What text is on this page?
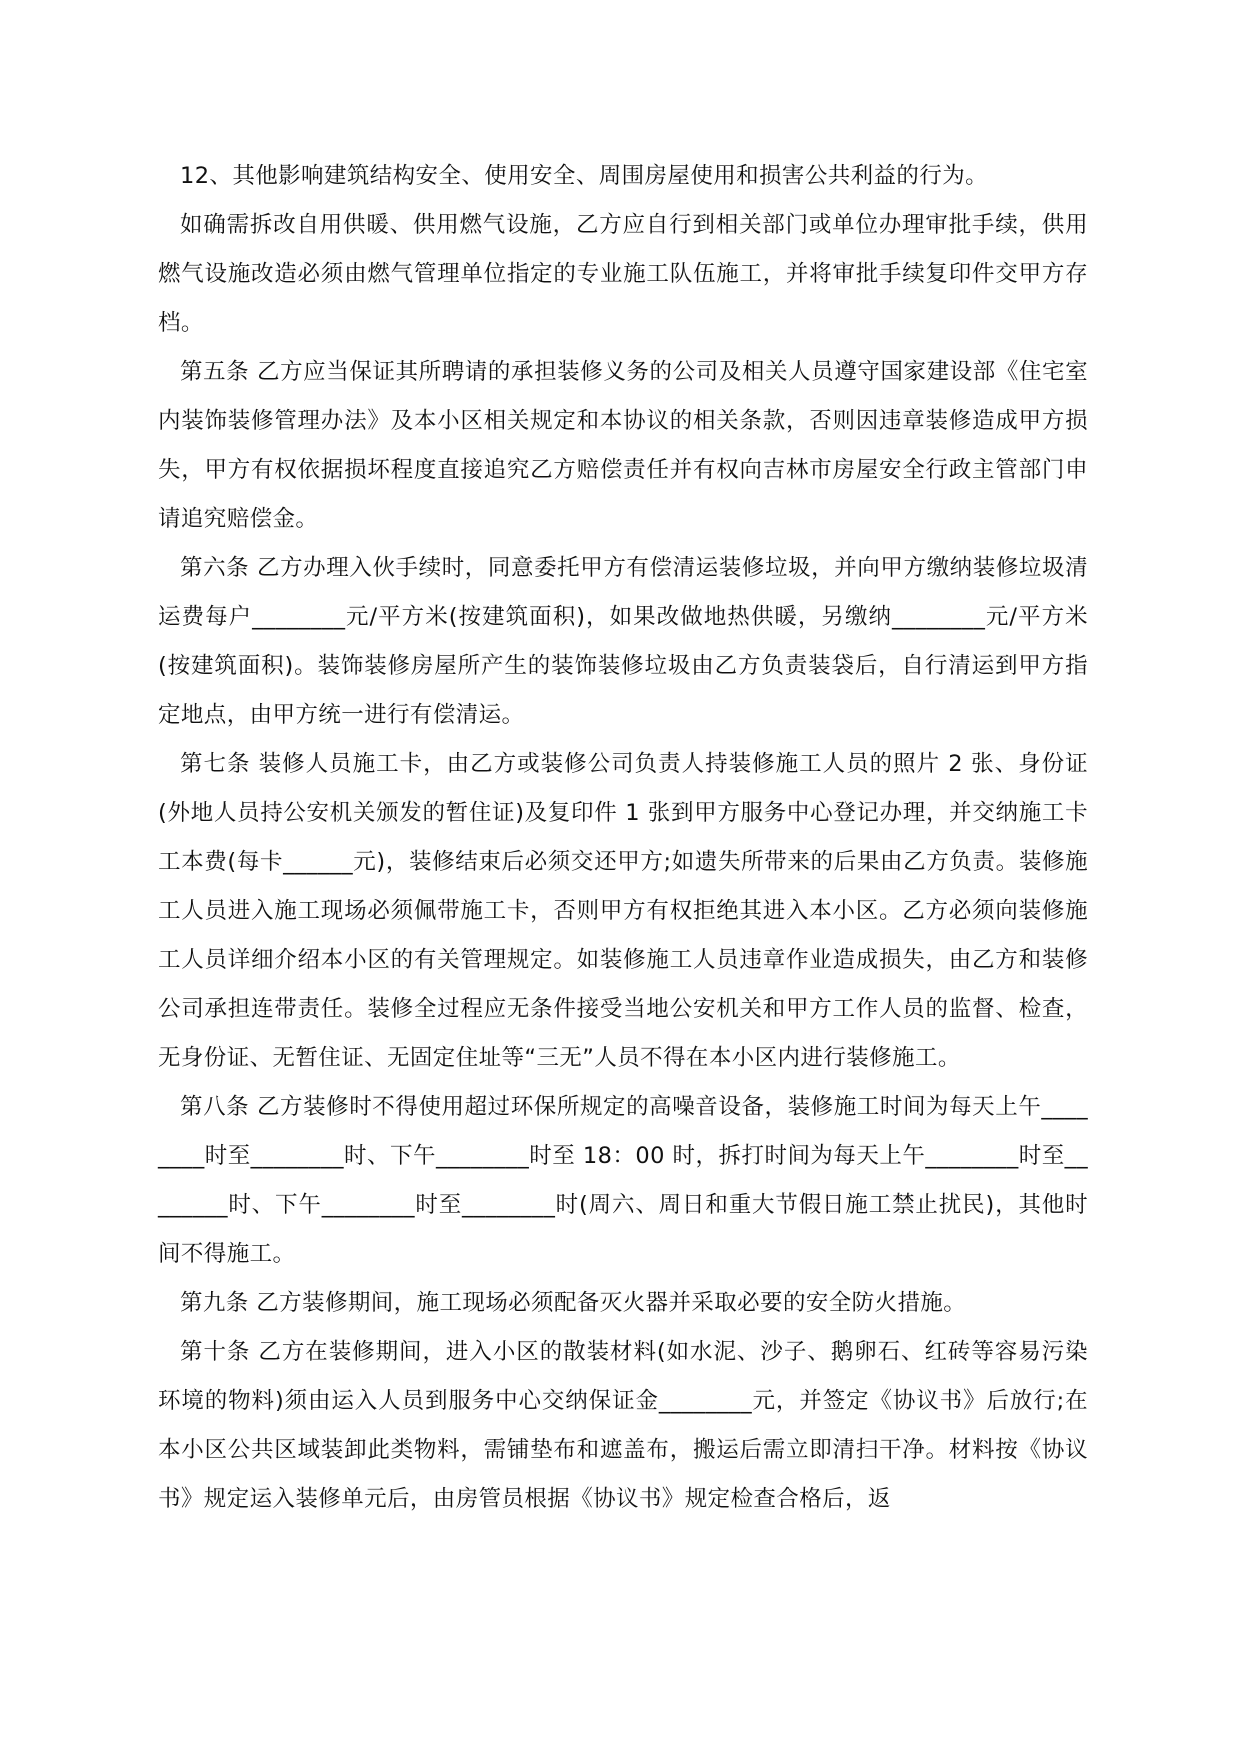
12、其他影响建筑结构安全、使用安全、周围房屋使用和损害公共利益的行为。

如确需拆改自用供暖、供用燃气设施，乙方应自行到相关部门或单位办理审批手续，供用燃气设施改造必须由燃气管理单位指定的专业施工队伍施工，并将审批手续复印件交甲方存档。

第五条 乙方应当保证其所聘请的承担装修义务的公司及相关人员遵守国家建设部《住宅室内装饰装修管理办法》及本小区相关规定和本协议的相关条款，否则因违章装修造成甲方损失，甲方有权依据损坏程度直接追究乙方赔偿责任并有权向吉林市房屋安全行政主管部门申请追究赔偿金。

第六条 乙方办理入伙手续时，同意委托甲方有偿清运装修垃圾，并向甲方缴纳装修垃圾清运费每户________元/平方米(按建筑面积)，如果改做地热供暖，另缴纳________元/平方米 (按建筑面积)。装饰装修房屋所产生的装饰装修垃圾由乙方负责装袋后，自行清运到甲方指定地点，由甲方统一进行有偿清运。

第七条 装修人员施工卡，由乙方或装修公司负责人持装修施工人员的照片 2 张、身份证(外地人员持公安机关颁发的暂住证)及复印件 1 张到甲方服务中心登记办理，并交纳施工卡工本费(每卡______元)，装修结束后必须交还甲方;如遗失所带来的后果由乙方负责。装修施工人员进入施工现场必须佩带施工卡，否则甲方有权拒绝其进入本小区。乙方必须向装修施工人员详细介绍本小区的有关管理规定。如装修施工人员违章作业造成损失，由乙方和装修公司承担连带责任。装修全过程应无条件接受当地公安机关和甲方工作人员的监督、检查，无身份证、无暂住证、无固定住址等“三无”人员不得在本小区内进行装修施工。

第八条 乙方装修时不得使用超过环保所规定的高噪音设备，装修施工时间为每天上午________时至________时、下午________时至 18：00 时，拆打时间为每天上午________时至________时、下午________时至________时(周六、周日和重大节假日施工禁止扰民)，其他时间不得施工。

第九条 乙方装修期间，施工现场必须配备灭火器并采取必要的安全防火措施。

第十条 乙方在装修期间，进入小区的散装材料(如水泥、沙子、鹅卵石、红砖等容易污染环境的物料)须由运入人员到服务中心交纳保证金________元，并签定《协议书》后放行;在本小区公共区域装卸此类物料，需铺垫布和遮盖布，搬运后需立即清扫干净。材料按《协议书》规定运入装修单元后，由房管员根据《协议书》规定检查合格后，返
